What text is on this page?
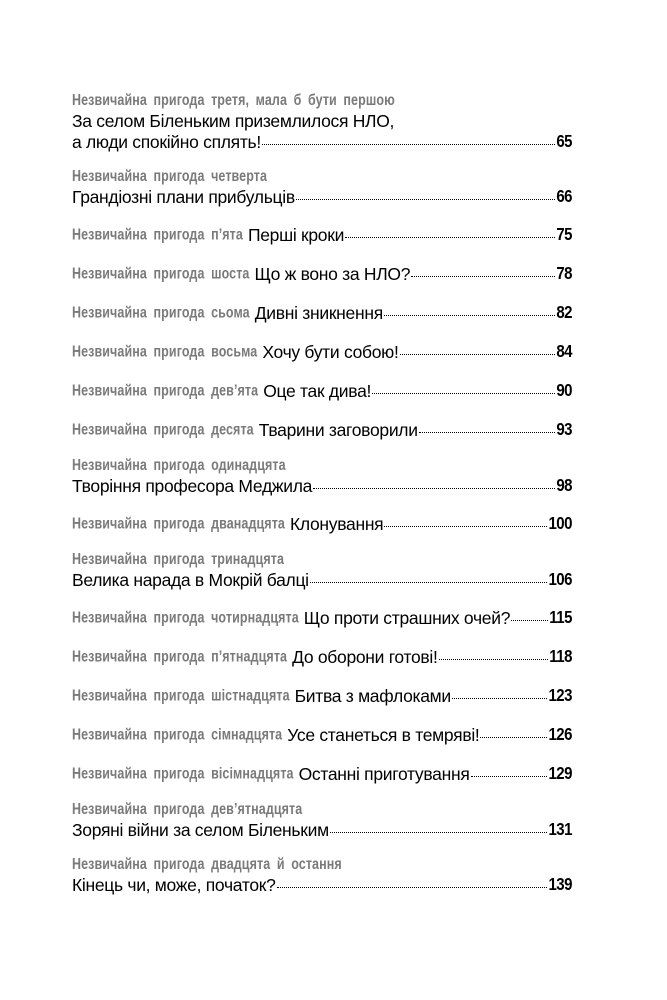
Незвичайна пригода третя, мала б бути першою
За селом Біленьким приземлилося НЛО,
а люди спокійно сплять!	65
Незвичайна пригода четверта
Грандіозні плани прибульців	66
Незвичайна пригода п’ята Перші кроки	75
Незвичайна пригода шоста Що ж воно за НЛО?	78
Незвичайна пригода сьома Дивні зникнення	82
Незвичайна пригода восьма Хочу бути собою!	84
Незвичайна пригода дев’ята Оце так дива!	90
Незвичайна пригода десята Тварини заговорили	93
Незвичайна пригода одинадцята
Творіння професора Меджила	98
Незвичайна пригода дванадцята Клонування	100
Незвичайна пригода тринадцята
Велика нарада в Мокрій балці	106
Незвичайна пригода чотирнадцята Що проти страшних очей?	115
Незвичайна пригода п’ятнадцята До оборони готові!	118
Незвичайна пригода шістнадцята Битва з мафлоками	123
Незвичайна пригода сімнадцята Усе станеться в темряві!	126
Незвичайна пригода вісімнадцята Останні приготування	129
Незвичайна пригода дев’ятнадцята
Зоряні війни за селом Біленьким	131
Незвичайна пригода двадцята й остання
Кінець чи, може, початок?	139
